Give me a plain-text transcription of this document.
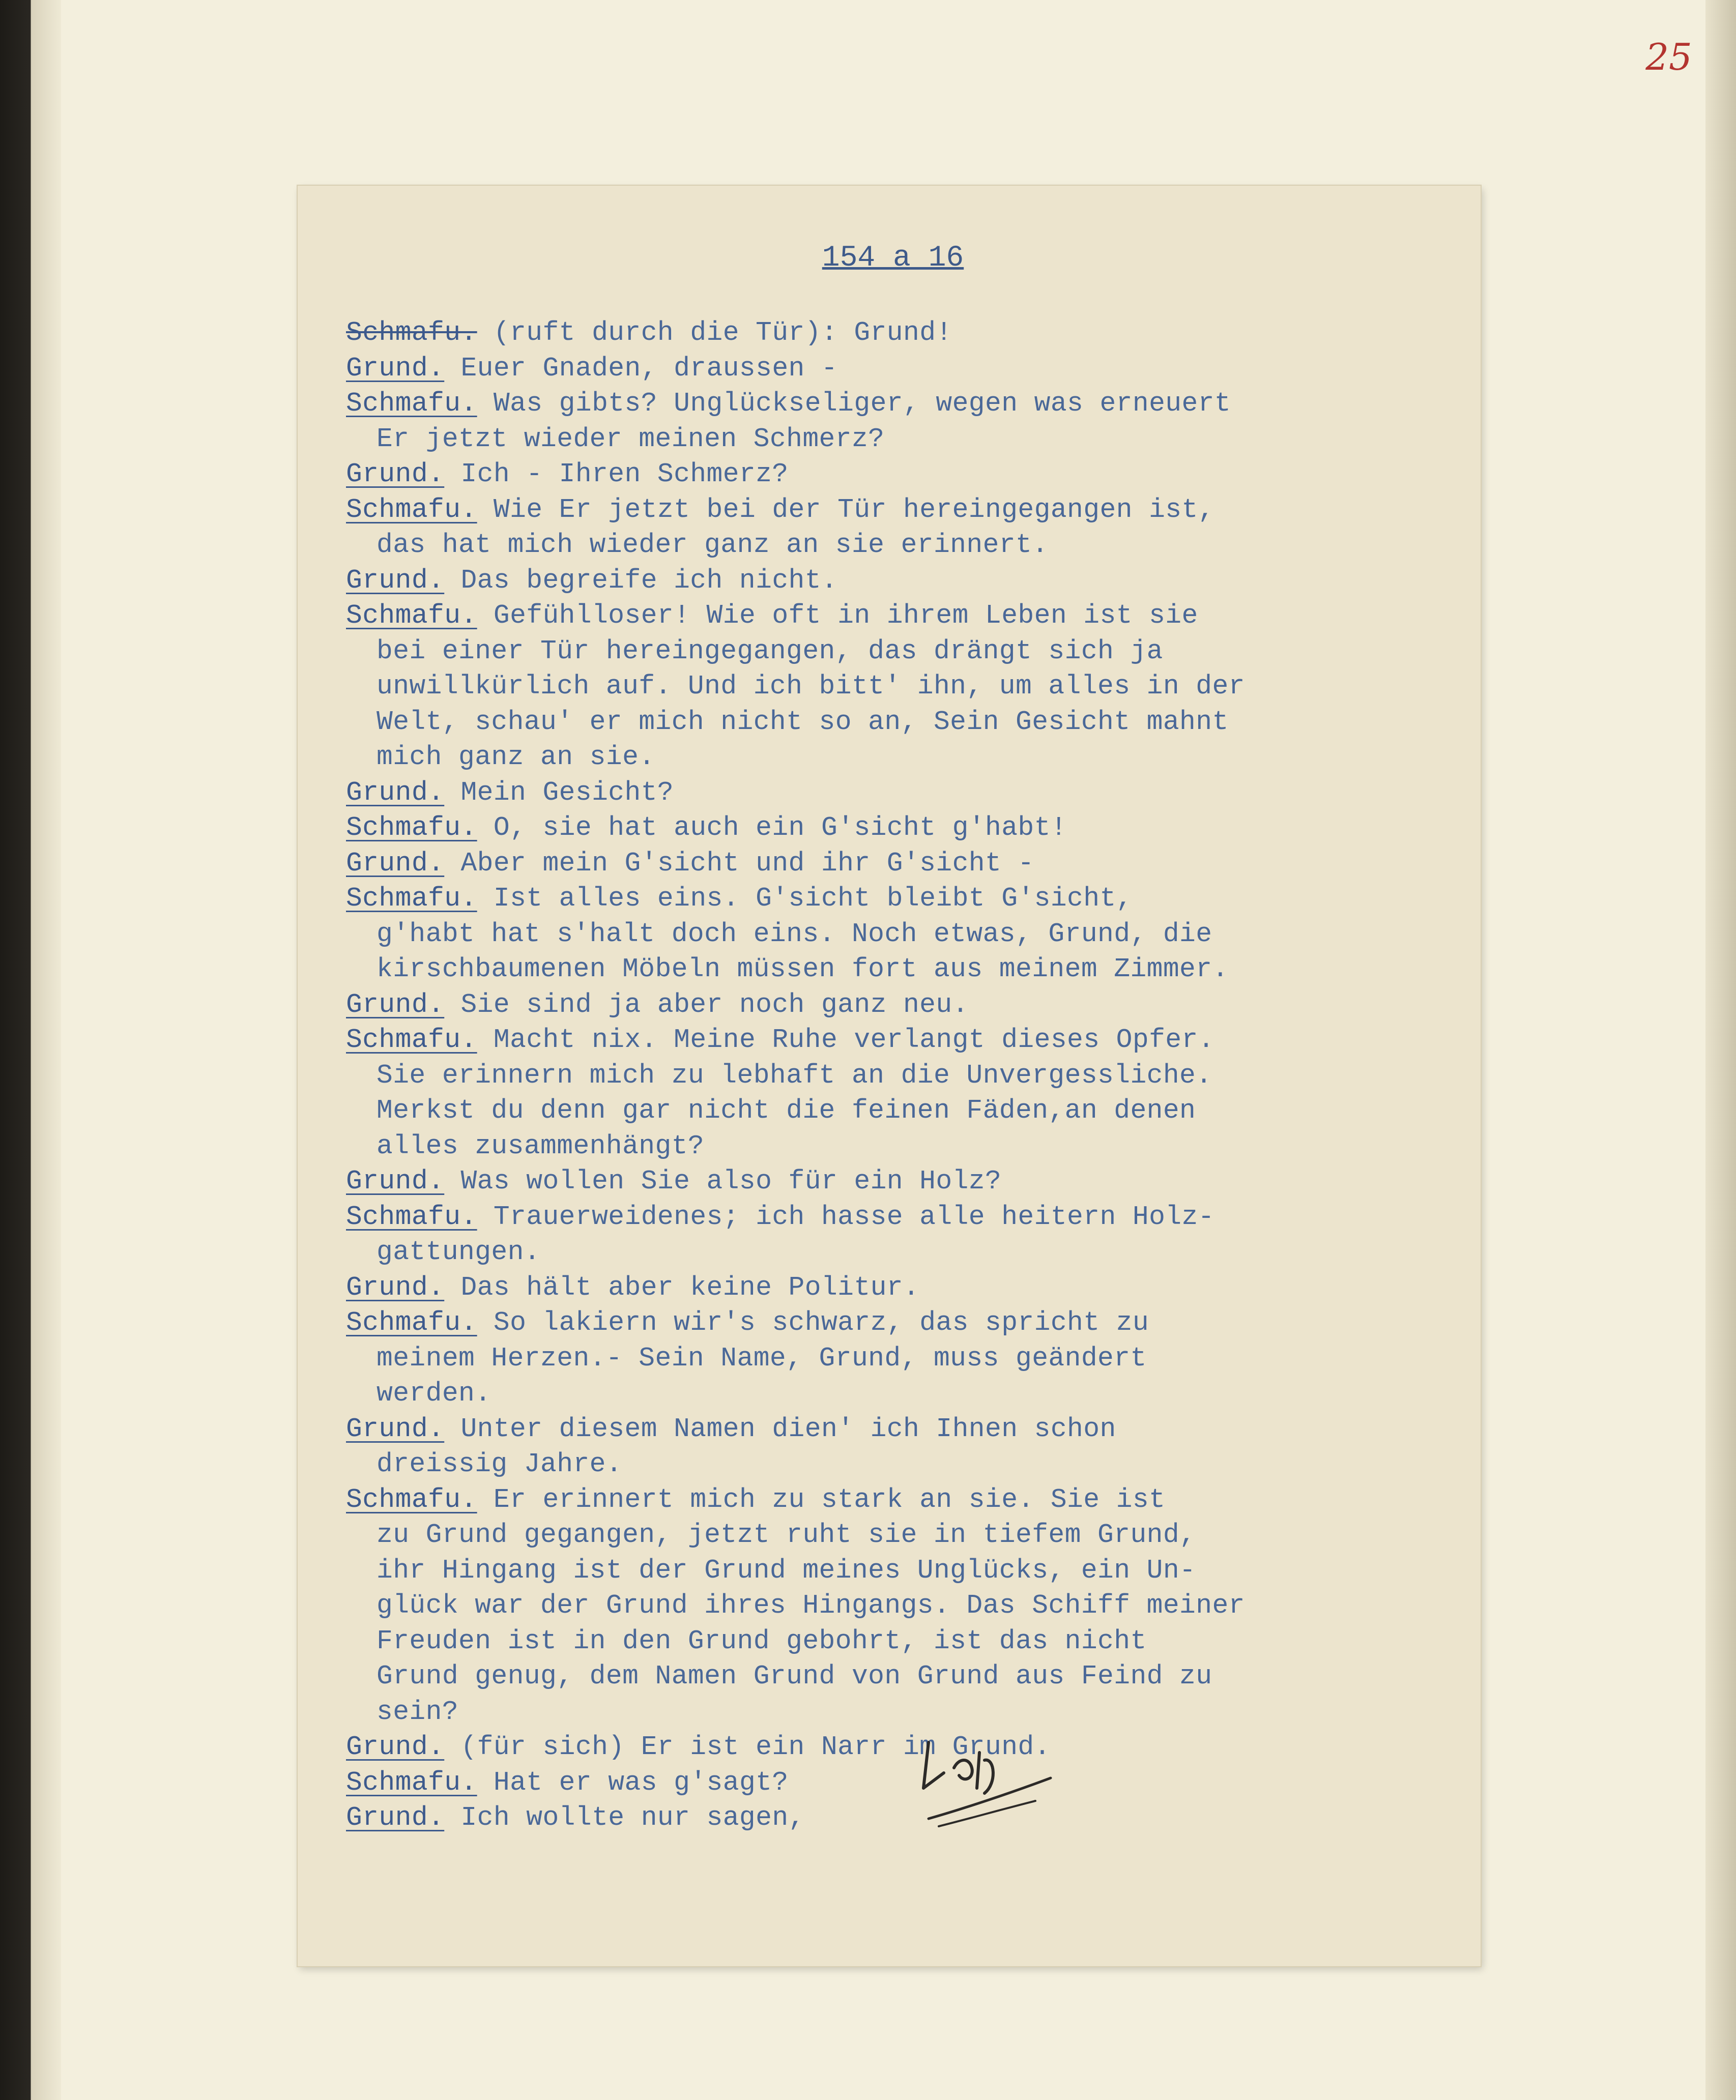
25
154 a 16
Schmafu. (ruft durch die Tür): Grund!
Grund. Euer Gnaden, draussen -
Schmafu. Was gibts? Unglückseliger, wegen was erneuert
Er jetzt wieder meinen Schmerz?
Grund. Ich - Ihren Schmerz?
Schmafu. Wie Er jetzt bei der Tür hereingegangen ist,
das hat mich wieder ganz an sie erinnert.
Grund. Das begreife ich nicht.
Schmafu. Gefühlloser! Wie oft in ihrem Leben ist sie
bei einer Tür hereingegangen, das drängt sich ja
unwillkürlich auf. Und ich bitt' ihn, um alles in der
Welt, schau' er mich nicht so an, Sein Gesicht mahnt
mich ganz an sie.
Grund. Mein Gesicht?
Schmafu. O, sie hat auch ein G'sicht g'habt!
Grund. Aber mein G'sicht und ihr G'sicht -
Schmafu. Ist alles eins. G'sicht bleibt G'sicht,
g'habt hat s'halt doch eins. Noch etwas, Grund, die
kirschbaumenen Möbeln müssen fort aus meinem Zimmer.
Grund. Sie sind ja aber noch ganz neu.
Schmafu. Macht nix. Meine Ruhe verlangt dieses Opfer.
Sie erinnern mich zu lebhaft an die Unvergessliche.
Merkst du denn gar nicht die feinen Fäden,an denen
alles zusammenhängt?
Grund. Was wollen Sie also für ein Holz?
Schmafu. Trauerweidenes; ich hasse alle heitern Holz-
gattungen.
Grund. Das hält aber keine Politur.
Schmafu. So lakiern wir's schwarz, das spricht zu
meinem Herzen.- Sein Name, Grund, muss geändert
werden.
Grund. Unter diesem Namen dien' ich Ihnen schon
dreissig Jahre.
Schmafu. Er erinnert mich zu stark an sie. Sie ist
zu Grund gegangen, jetzt ruht sie in tiefem Grund,
ihr Hingang ist der Grund meines Unglücks, ein Un-
glück war der Grund ihres Hingangs. Das Schiff meiner
Freuden ist in den Grund gebohrt, ist das nicht
Grund genug, dem Namen Grund von Grund aus Feind zu
sein?
Grund. (für sich) Er ist ein Narr im Grund.
Schmafu. Hat er was g'sagt?
Grund. Ich wollte nur sagen,
